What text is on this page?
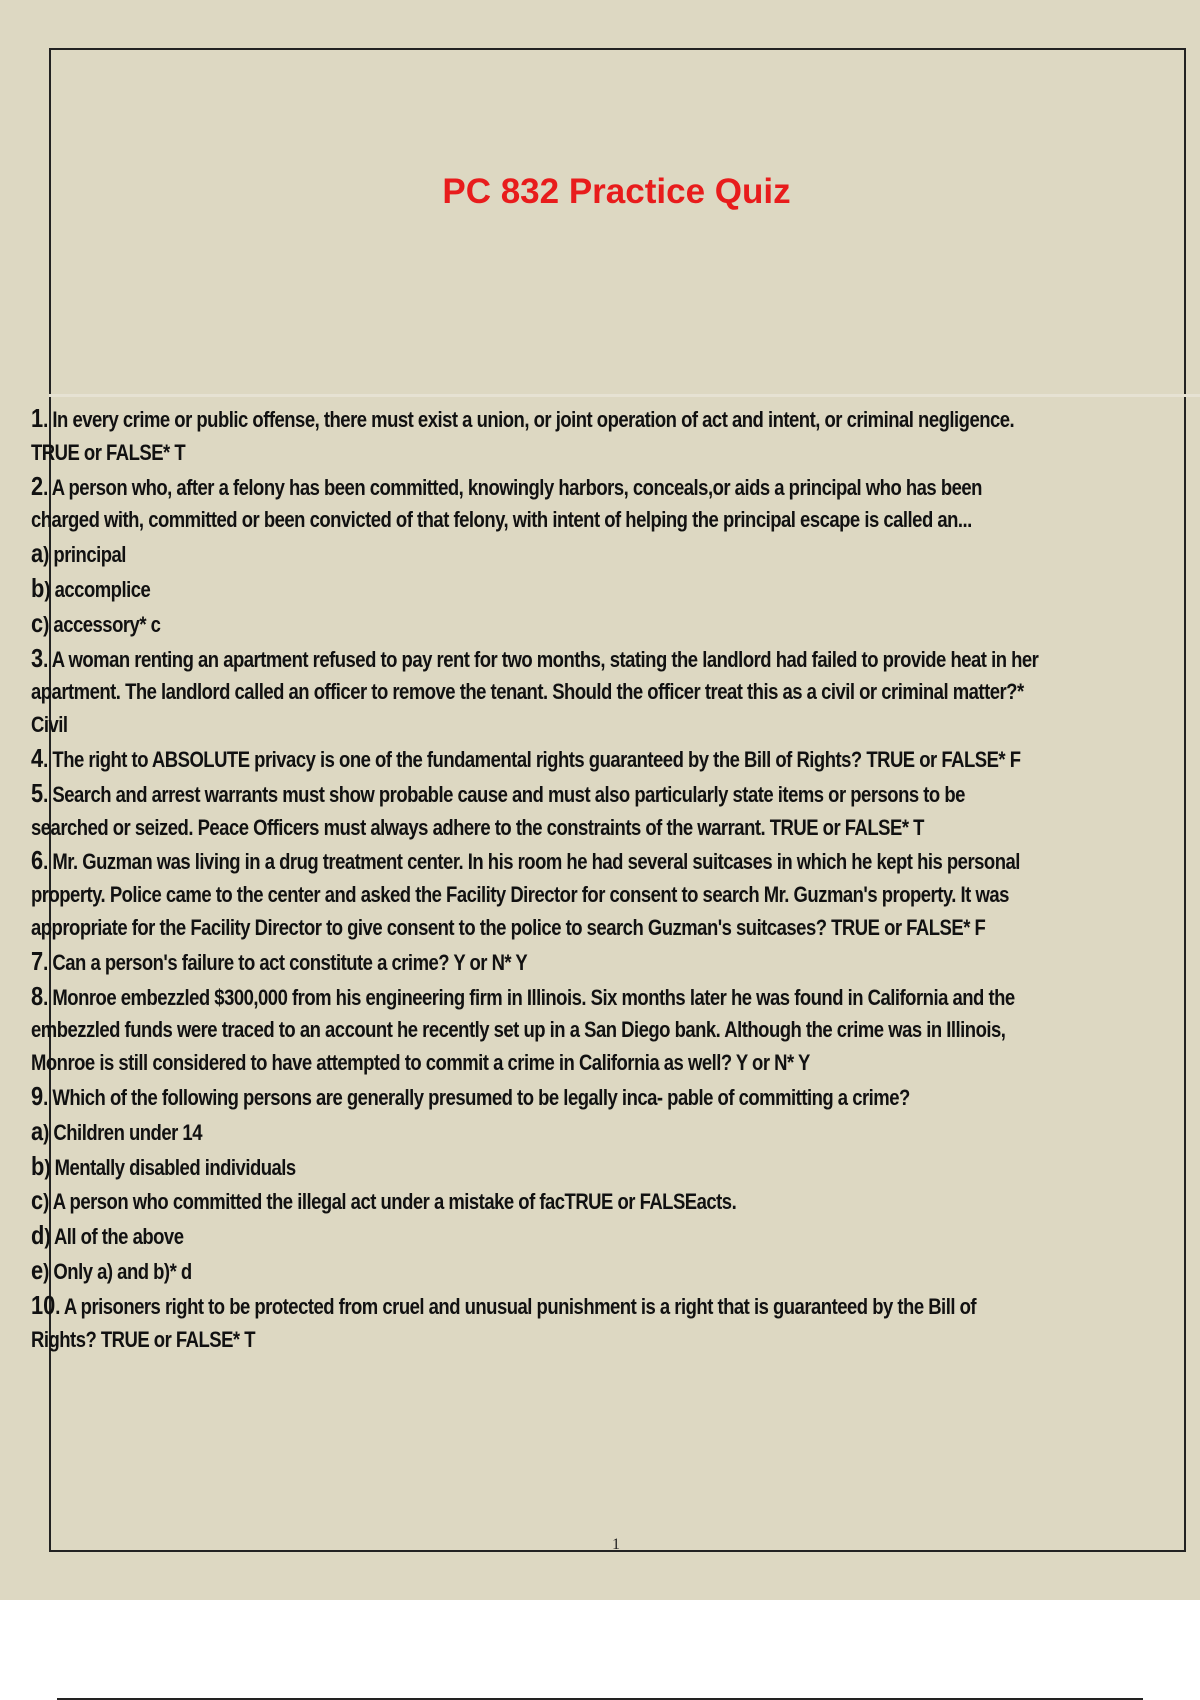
PC 832 Practice Quiz
1. In every crime or public offense, there must exist a union, or joint operation of act and intent, or criminal negligence.
TRUE or FALSE* T
2. A person who, after a felony has been committed, knowingly harbors, conceals,or aids a principal who has been
charged with, committed or been convicted of that felony, with intent of helping the principal escape is called an...
a) principal
b) accomplice
c) accessory* c
3. A woman renting an apartment refused to pay rent for two months, stating the landlord had failed to provide heat in her
apartment. The landlord called an officer to remove the tenant. Should the officer treat this as a civil or criminal matter?*
Civil
4. The right to ABSOLUTE privacy is one of the fundamental rights guaranteed by the Bill of Rights? TRUE or FALSE* F
5. Search and arrest warrants must show probable cause and must also particularly state items or persons to be
searched or seized. Peace Officers must always adhere to the constraints of the warrant. TRUE or FALSE* T
6. Mr. Guzman was living in a drug treatment center. In his room he had several suitcases in which he kept his personal
property. Police came to the center and asked the Facility Director for consent to search Mr. Guzman's property. It was
appropriate for the Facility Director to give consent to the police to search Guzman's suitcases? TRUE or FALSE* F
7. Can a person's failure to act constitute a crime? Y or N* Y
8. Monroe embezzled $300,000 from his engineering firm in Illinois. Six months later he was found in California and the
embezzled funds were traced to an account he recently set up in a San Diego bank. Although the crime was in Illinois,
Monroe is still considered to have attempted to commit a crime in California as well? Y or N* Y
9. Which of the following persons are generally presumed to be legally inca- pable of committing a crime?
a) Children under 14
b) Mentally disabled individuals
c) A person who committed the illegal act under a mistake of facTRUE or FALSEacts.
d) All of the above
e) Only a) and b)* d
10. A prisoners right to be protected from cruel and unusual punishment is a right that is guaranteed by the Bill of
Rights? TRUE or FALSE* T
1
